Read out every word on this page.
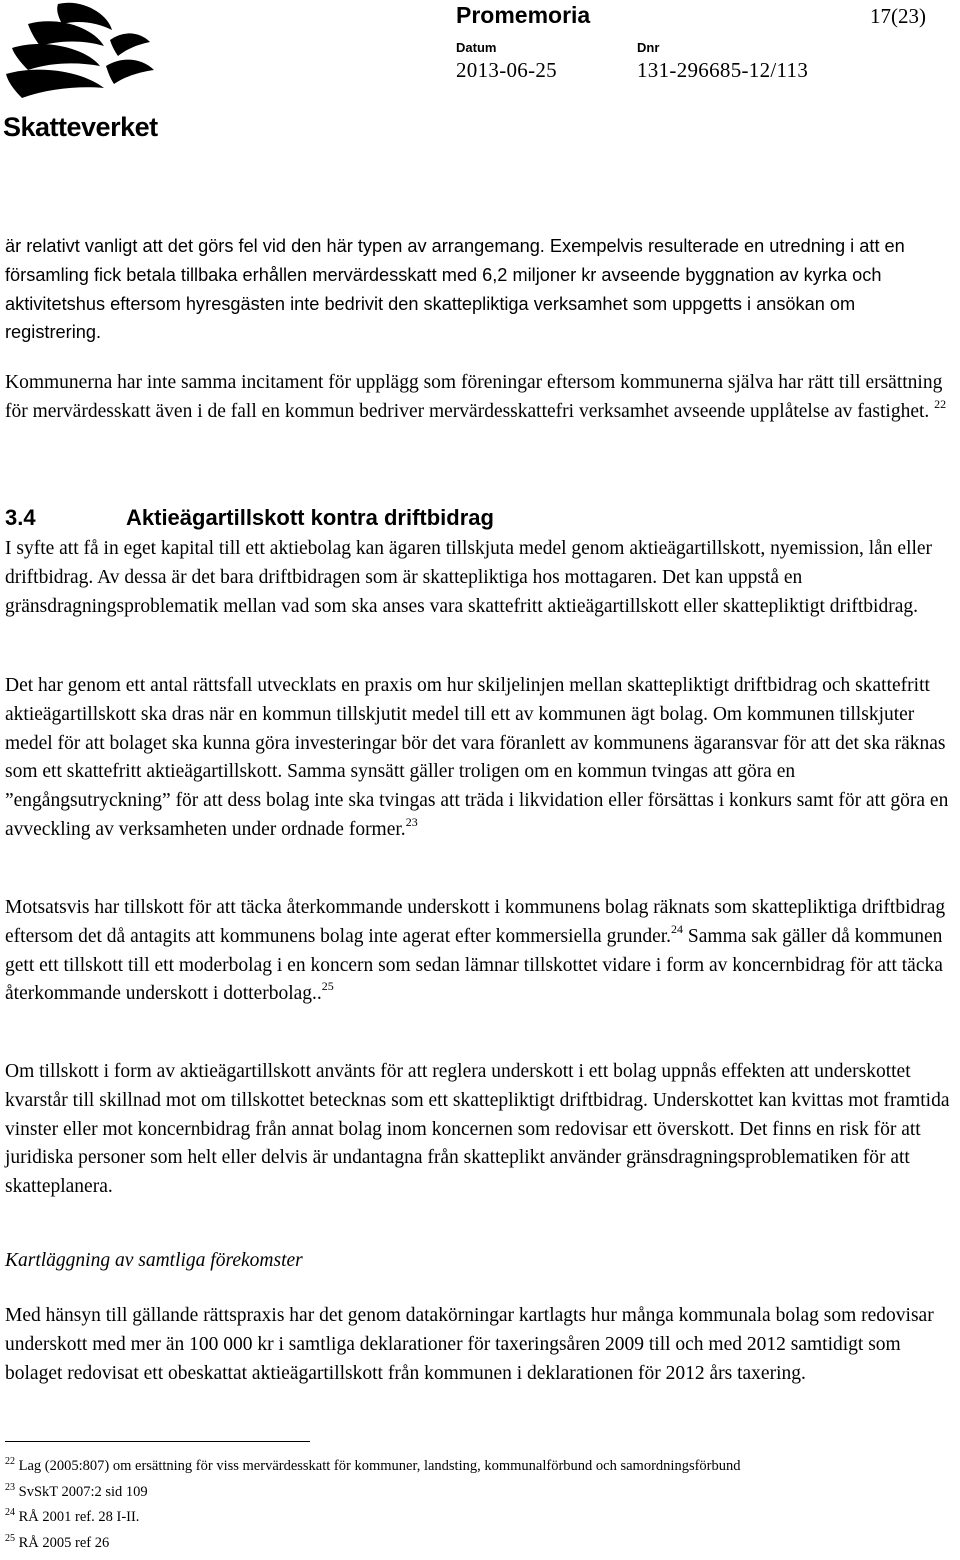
Skatteverket
Promemoria	17(23)
Datum	Dnr
2013-06-25	131-296685-12/113

är relativt vanligt att det görs fel vid den här typen av arrangemang. Exempelvis resulterade en utredning i att en församling fick betala tillbaka erhållen mervärdesskatt med 6,2 miljoner kr avseende byggnation av kyrka och aktivitetshus eftersom hyresgästen inte bedrivit den skattepliktiga verksamhet som uppgetts i ansökan om registrering.

Kommunerna har inte samma incitament för upplägg som föreningar eftersom kommunerna själva har rätt till ersättning för mervärdesskatt även i de fall en kommun bedriver mervärdesskattefri verksamhet avseende upplåtelse av fastighet. $^{22}$

3.4	Aktieägartillskott kontra driftbidrag

I syfte att få in eget kapital till ett aktiebolag kan ägaren tillskjuta medel genom aktieägartillskott, nyemission, lån eller driftbidrag. Av dessa är det bara driftbidragen som är skattepliktiga hos mottagaren. Det kan uppstå en gränsdragningsproblematik mellan vad som ska anses vara skattefritt aktieägartillskott eller skattepliktigt driftbidrag.

Det har genom ett antal rättsfall utvecklats en praxis om hur skiljelinjen mellan skattepliktigt driftbidrag och skattefritt aktieägartillskott ska dras när en kommun tillskjutit medel till ett av kommunen ägt bolag. Om kommunen tillskjuter medel för att bolaget ska kunna göra investeringar bör det vara föranlett av kommunens ägaransvar för att det ska räknas som ett skattefritt aktieägartillskott. Samma synsätt gäller troligen om en kommun tvingas att göra en ”engångsutryckning” för att dess bolag inte ska tvingas att träda i likvidation eller försättas i konkurs samt för att göra en avveckling av verksamheten under ordnade former.$^{23}$

Motsatsvis har tillskott för att täcka återkommande underskott i kommunens bolag räknats som skattepliktiga driftbidrag eftersom det då antagits att kommunens bolag inte agerat efter kommersiella grunder.$^{24}$ Samma sak gäller då kommunen gett ett tillskott till ett moderbolag i en koncern som sedan lämnar tillskottet vidare i form av koncernbidrag för att täcka återkommande underskott i dotterbolag..$^{25}$

Om tillskott i form av aktieägartillskott använts för att reglera underskott i ett bolag uppnås effekten att underskottet kvarstår till skillnad mot om tillskottet betecknas som ett skattepliktigt driftbidrag. Underskottet kan kvittas mot framtida vinster eller mot koncernbidrag från annat bolag inom koncernen som redovisar ett överskott. Det finns en risk för att juridiska personer som helt eller delvis är undantagna från skatteplikt använder gränsdragningsproblematiken för att skatteplanera.

Kartläggning av samtliga förekomster

Med hänsyn till gällande rättspraxis har det genom datakörningar kartlagts hur många kommunala bolag som redovisar underskott med mer än 100 000 kr i samtliga deklarationer för taxeringsåren 2009 till och med 2012 samtidigt som bolaget redovisat ett obeskattat aktieägartillskott från kommunen i deklarationen för 2012 års taxering.

$^{22}$ Lag (2005:807) om ersättning för viss mervärdesskatt för kommuner, landsting, kommunalförbund och samordningsförbund
$^{23}$ SvSkT 2007:2 sid 109
$^{24}$ RÅ 2001 ref. 28 I-II.
$^{25}$ RÅ 2005 ref 26
